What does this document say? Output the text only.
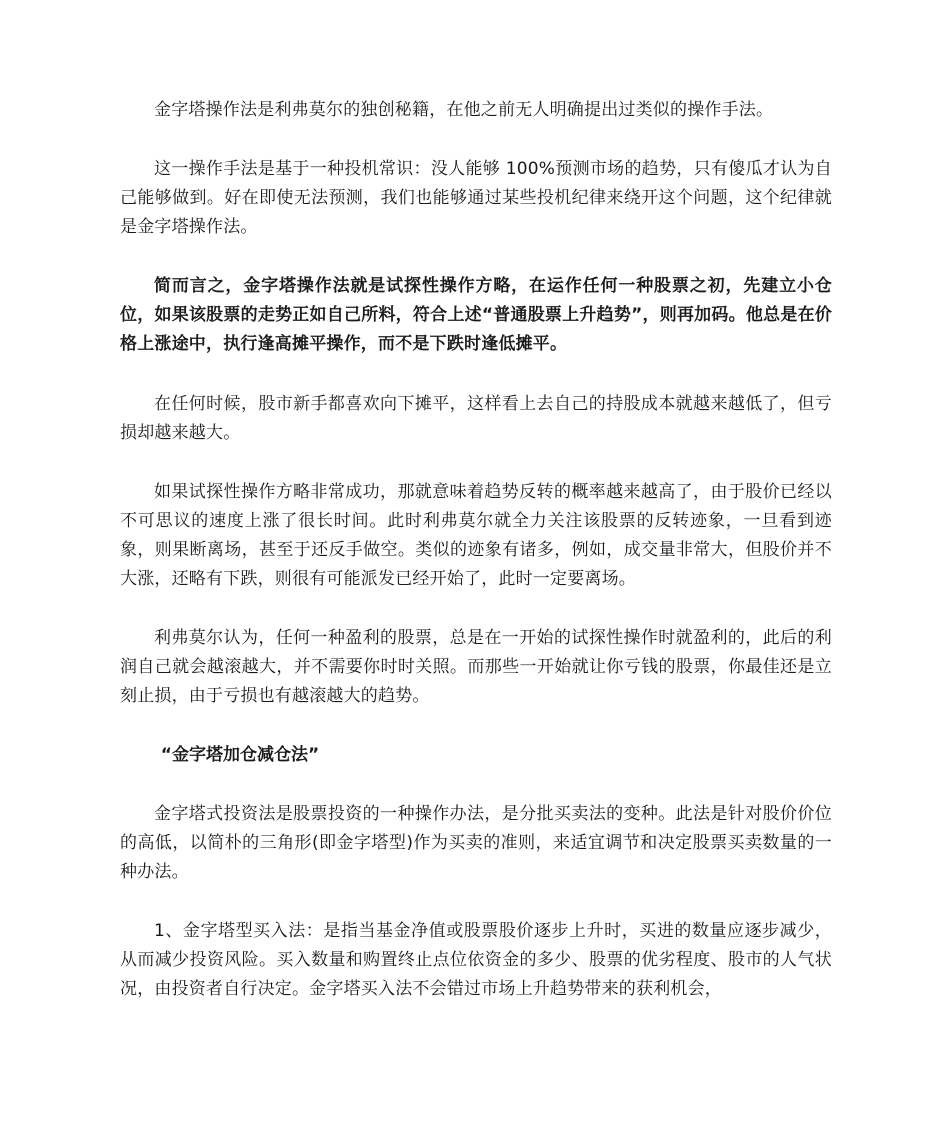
金字塔操作法是利弗莫尔的独创秘籍，在他之前无人明确提出过类似的操作手法。

这一操作手法是基于一种投机常识：没人能够 100%预测市场的趋势，只有傻瓜才认为自己能够做到。好在即使无法预测，我们也能够通过某些投机纪律来绕开这个问题，这个纪律就是金字塔操作法。

简而言之，金字塔操作法就是试探性操作方略，在运作任何一种股票之初，先建立小仓位，如果该股票的走势正如自己所料，符合上述“普通股票上升趋势”，则再加码。他总是在价格上涨途中，执行逢高摊平操作，而不是下跌时逢低摊平。

在任何时候，股市新手都喜欢向下摊平，这样看上去自己的持股成本就越来越低了，但亏损却越来越大。

如果试探性操作方略非常成功，那就意味着趋势反转的概率越来越高了，由于股价已经以不可思议的速度上涨了很长时间。此时利弗莫尔就全力关注该股票的反转迹象，一旦看到迹象，则果断离场，甚至于还反手做空。类似的迹象有诸多，例如，成交量非常大，但股价并不大涨，还略有下跌，则很有可能派发已经开始了，此时一定要离场。

利弗莫尔认为，任何一种盈利的股票，总是在一开始的试探性操作时就盈利的，此后的利润自己就会越滚越大，并不需要你时时关照。而那些一开始就让你亏钱的股票，你最佳还是立刻止损，由于亏损也有越滚越大的趋势。

“金字塔加仓减仓法”

金字塔式投资法是股票投资的一种操作办法，是分批买卖法的变种。此法是针对股价价位的高低，以简朴的三角形(即金字塔型)作为买卖的准则，来适宜调节和决定股票买卖数量的一种办法。

1、金字塔型买入法：是指当基金净值或股票股价逐步上升时，买进的数量应逐步减少，从而减少投资风险。买入数量和购置终止点位依资金的多少、股票的优劣程度、股市的人气状况，由投资者自行决定。金字塔买入法不会错过市场上升趋势带来的获利机会，
